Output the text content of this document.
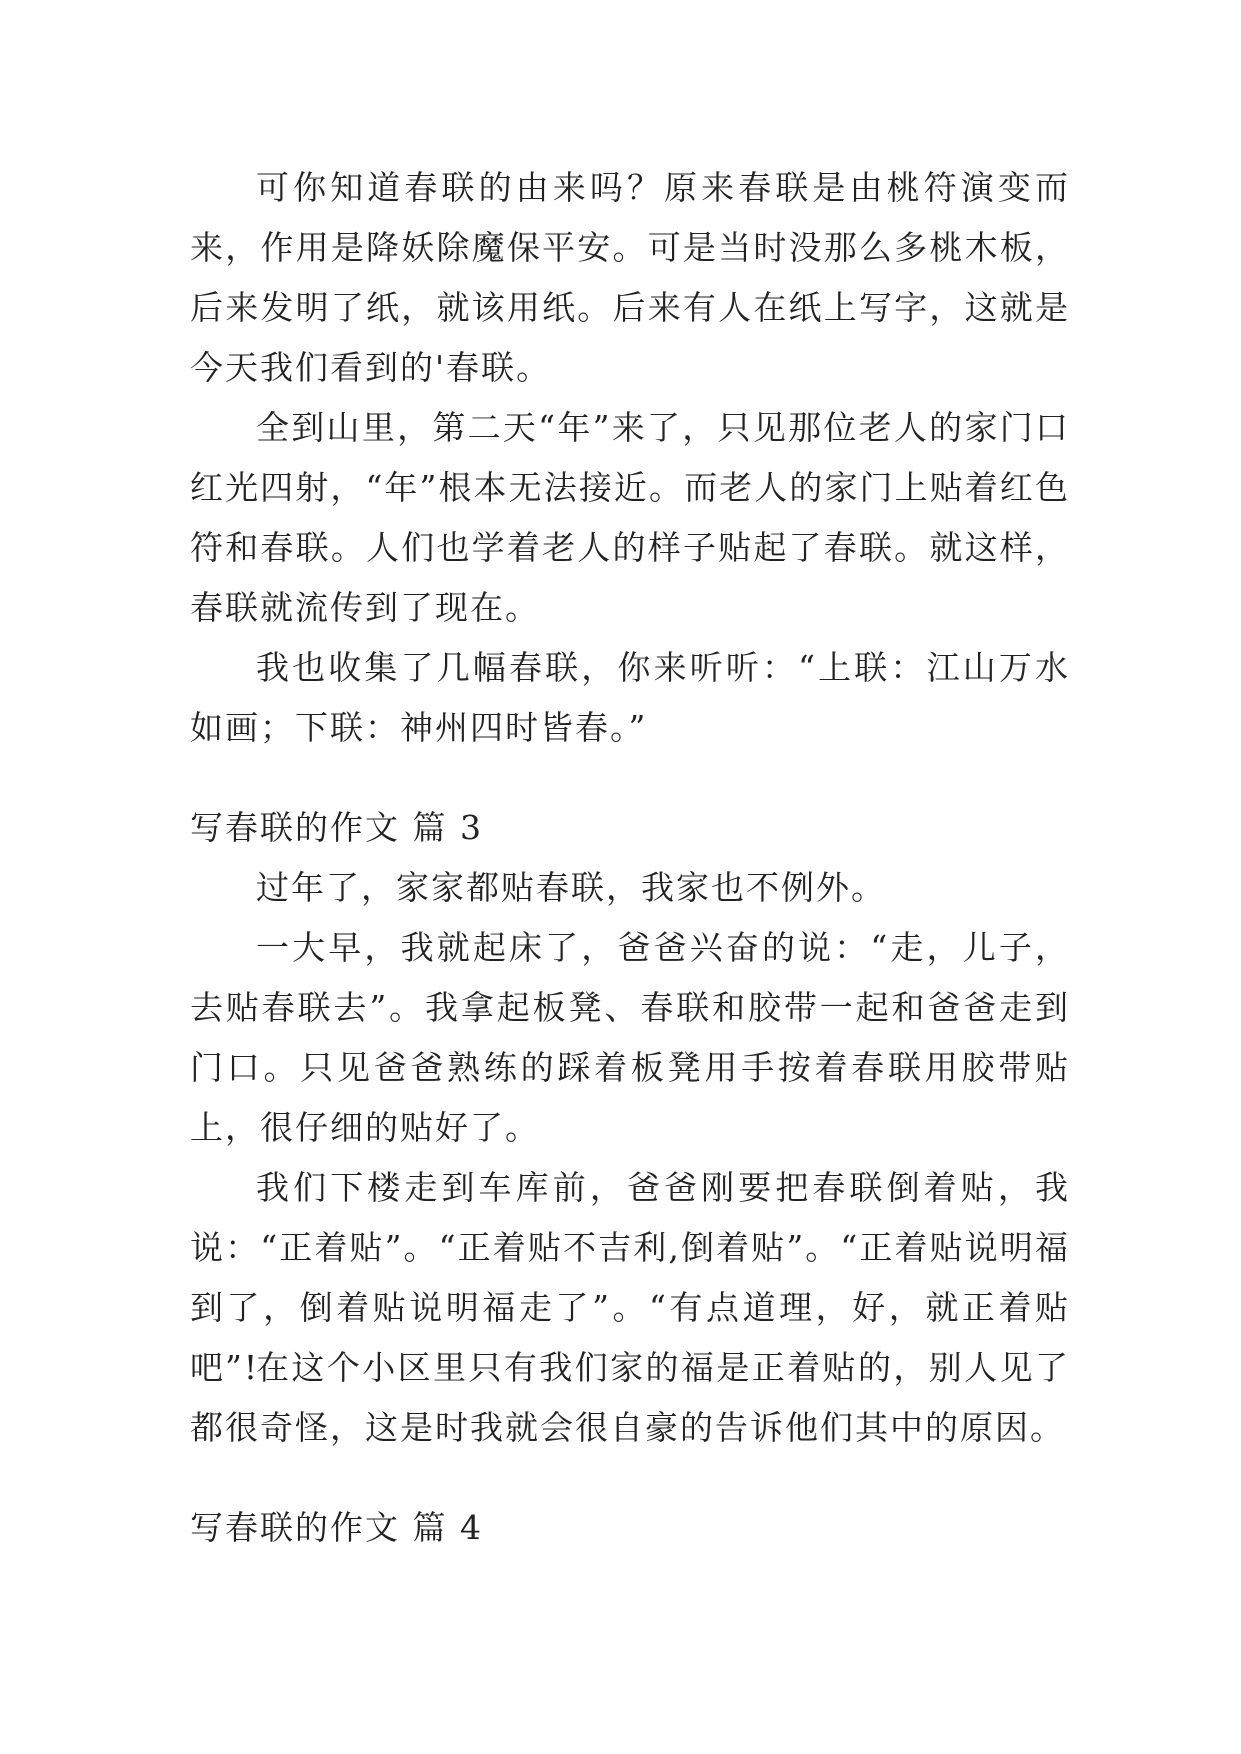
可你知道春联的由来吗？原来春联是由桃符演变而来，作用是降妖除魔保平安。可是当时没那么多桃木板，后来发明了纸，就该用纸。后来有人在纸上写字，这就是今天我们看到的'春联。

全到山里，第二天“年”来了，只见那位老人的家门口红光四射，“年”根本无法接近。而老人的家门上贴着红色符和春联。人们也学着老人的样子贴起了春联。就这样，春联就流传到了现在。

我也收集了几幅春联，你来听听：“上联：江山万水如画；下联：神州四时皆春。”

写春联的作文 篇 3

过年了，家家都贴春联，我家也不例外。

一大早，我就起床了，爸爸兴奋的说：“走，儿子，去贴春联去”。我拿起板凳、春联和胶带一起和爸爸走到门口。只见爸爸熟练的踩着板凳用手按着春联用胶带贴上，很仔细的贴好了。

我们下楼走到车库前，爸爸刚要把春联倒着贴，我说：“正着贴”。“正着贴不吉利,倒着贴”。“正着贴说明福到了，倒着贴说明福走了”。“有点道理，好，就正着贴吧”!

在这个小区里只有我们家的福是正着贴的，别人见了都很奇怪，这是时我就会很自豪的告诉他们其中的原因。

写春联的作文 篇 4
